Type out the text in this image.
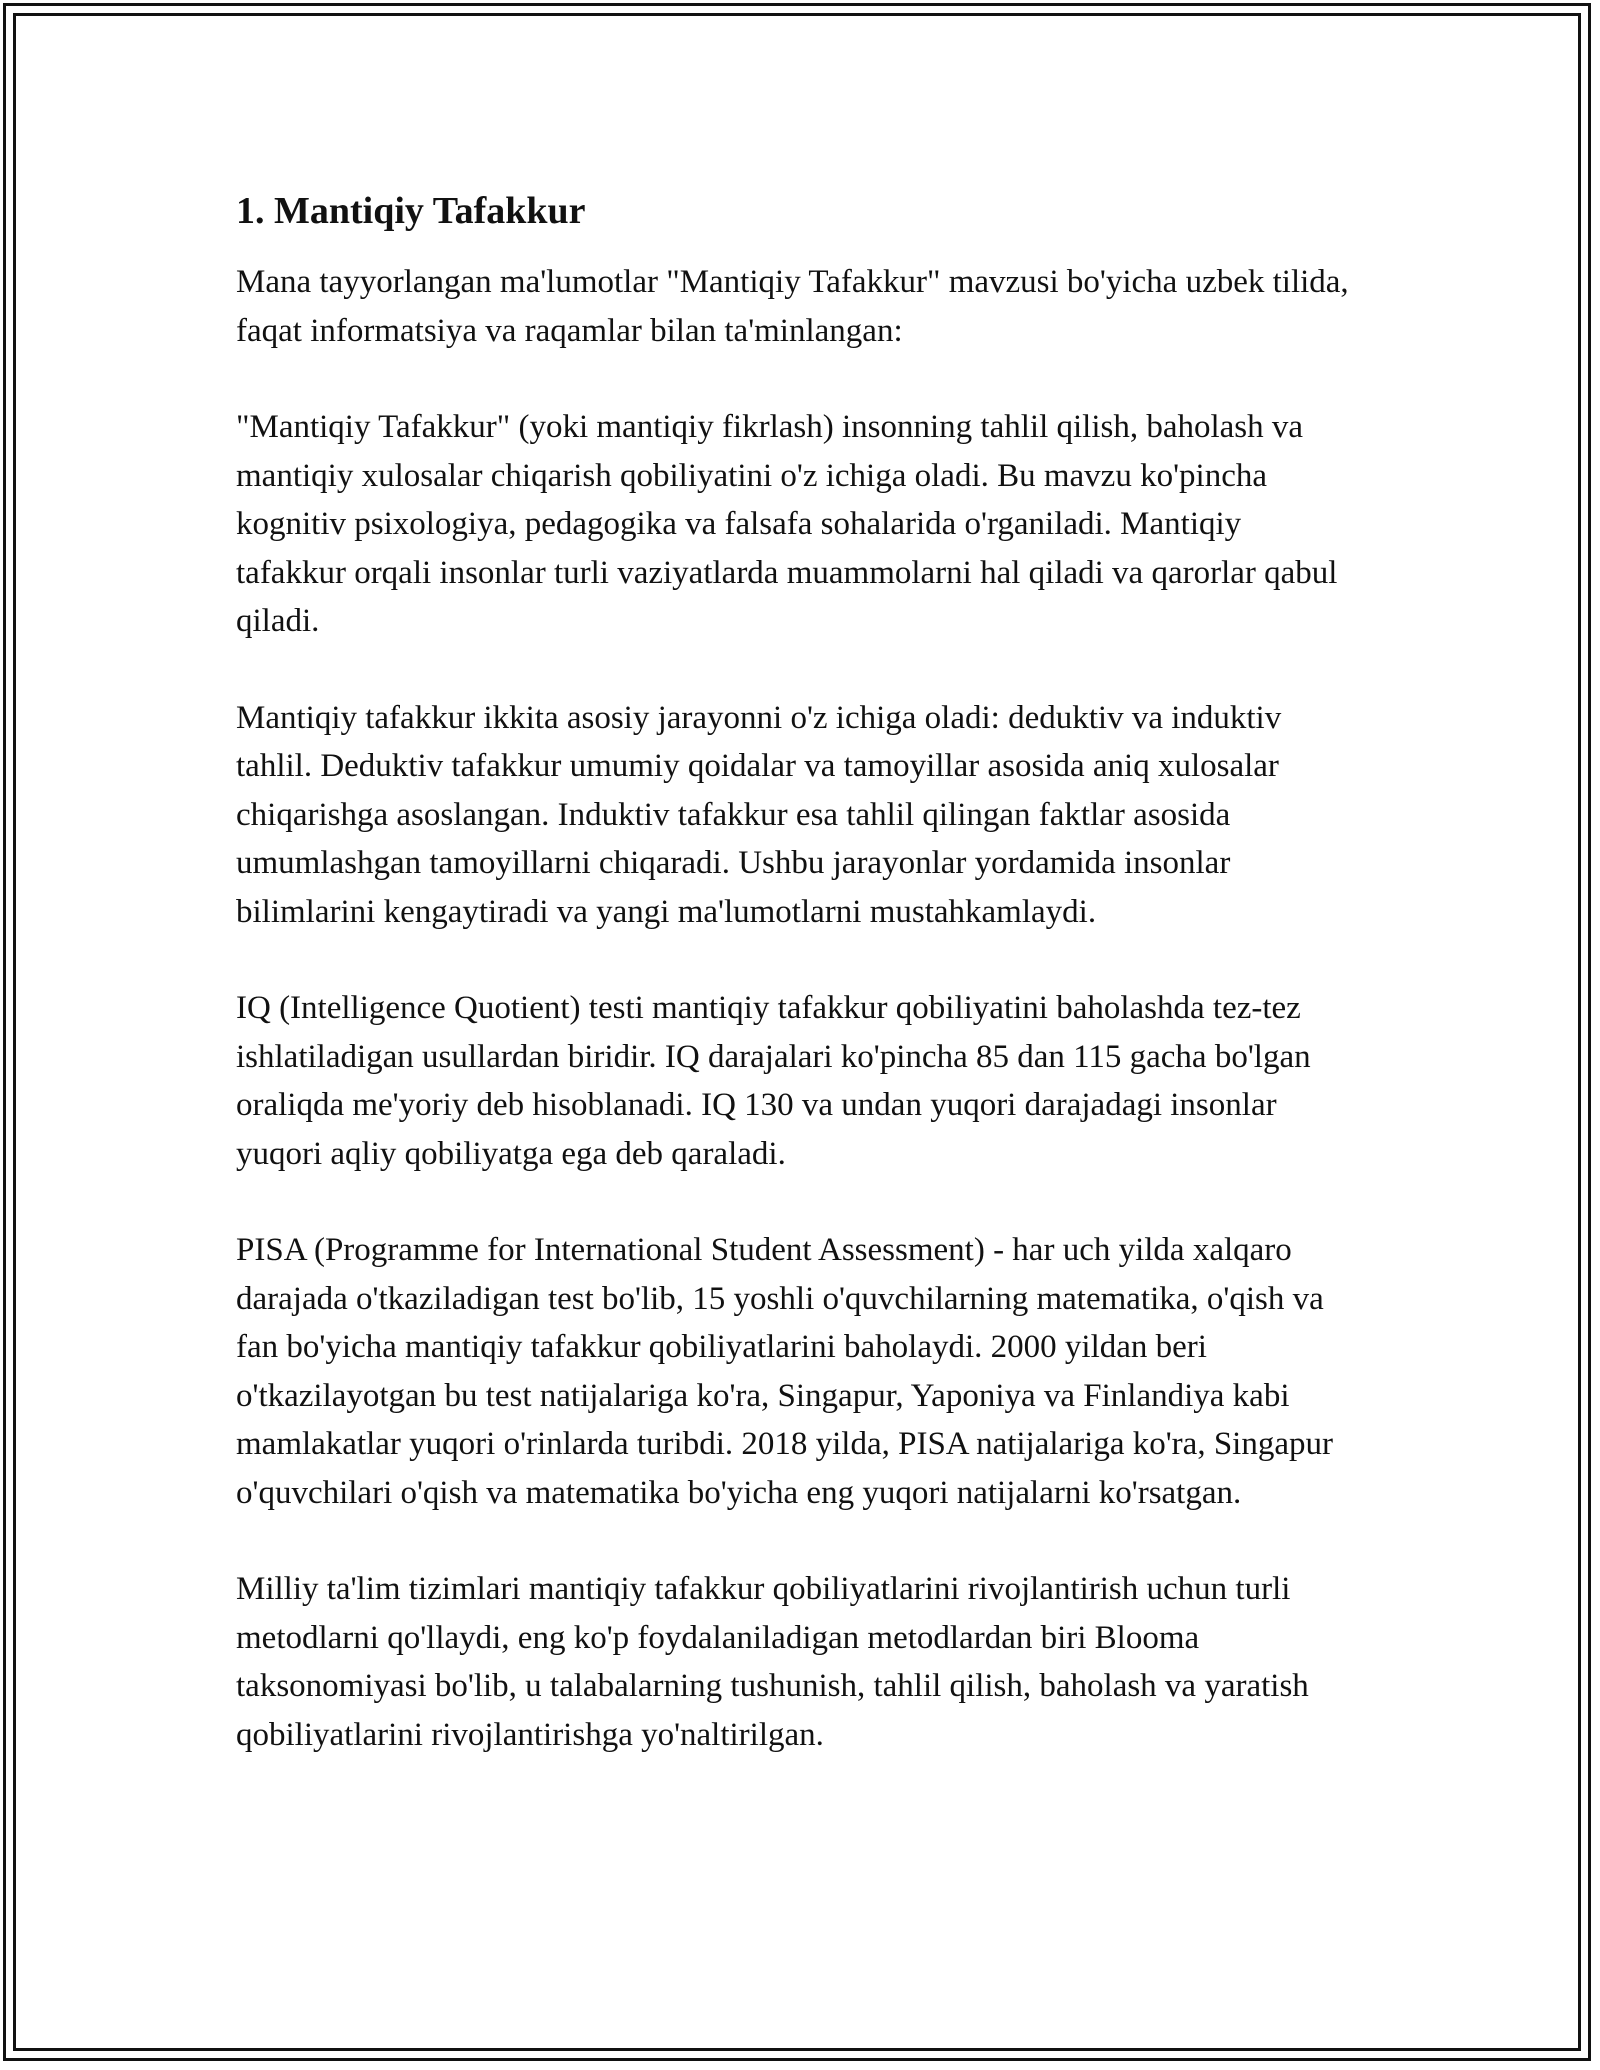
1. Mantiqiy Tafakkur

Mana tayyorlangan ma'lumotlar "Mantiqiy Tafakkur" mavzusi bo'yicha uzbek tilida, faqat informatsiya va raqamlar bilan ta'minlangan:

"Mantiqiy Tafakkur" (yoki mantiqiy fikrlash) insonning tahlil qilish, baholash va mantiqiy xulosalar chiqarish qobiliyatini o'z ichiga oladi. Bu mavzu ko'pincha kognitiv psixologiya, pedagogika va falsafa sohalarida o'rganiladi. Mantiqiy tafakkur orqali insonlar turli vaziyatlarda muammolarni hal qiladi va qarorlar qabul qiladi.

Mantiqiy tafakkur ikkita asosiy jarayonni o'z ichiga oladi: deduktiv va induktiv tahlil. Deduktiv tafakkur umumiy qoidalar va tamoyillar asosida aniq xulosalar chiqarishga asoslangan. Induktiv tafakkur esa tahlil qilingan faktlar asosida umumlashgan tamoyillarni chiqaradi. Ushbu jarayonlar yordamida insonlar bilimlarini kengaytiradi va yangi ma'lumotlarni mustahkamlaydi.

IQ (Intelligence Quotient) testi mantiqiy tafakkur qobiliyatini baholashda tez-tez ishlatiladigan usullardan biridir. IQ darajalari ko'pincha 85 dan 115 gacha bo'lgan oraliqda me'yoriy deb hisoblanadi. IQ 130 va undan yuqori darajadagi insonlar yuqori aqliy qobiliyatga ega deb qaraladi.

PISA (Programme for International Student Assessment) - har uch yilda xalqaro darajada o'tkaziladigan test bo'lib, 15 yoshli o'quvchilarning matematika, o'qish va fan bo'yicha mantiqiy tafakkur qobiliyatlarini baholaydi. 2000 yildan beri o'tkazilayotgan bu test natijalariga ko'ra, Singapur, Yaponiya va Finlandiya kabi mamlakatlar yuqori o'rinlarda turibdi. 2018 yilda, PISA natijalariga ko'ra, Singapur o'quvchilari o'qish va matematika bo'yicha eng yuqori natijalarni ko'rsatgan.

Milliy ta'lim tizimlari mantiqiy tafakkur qobiliyatlarini rivojlantirish uchun turli metodlarni qo'llaydi, eng ko'p foydalaniladigan metodlardan biri Blooma taksonomiyasi bo'lib, u talabalarning tushunish, tahlil qilish, baholash va yaratish qobiliyatlarini rivojlantirishga yo'naltirilgan.
